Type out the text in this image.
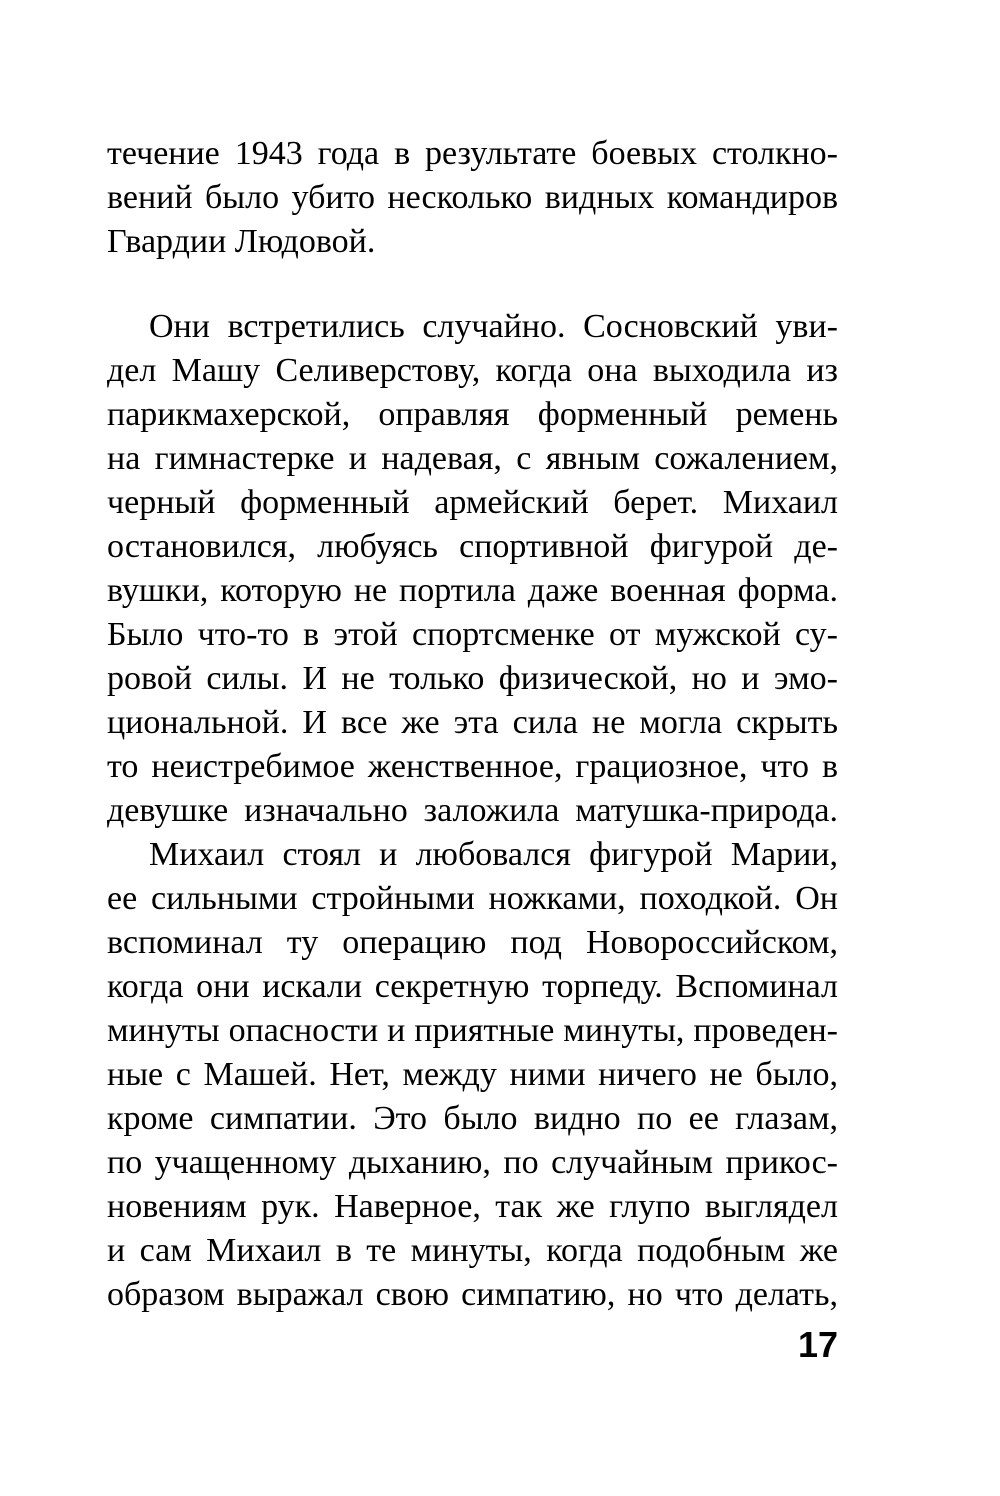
течение 1943 года в результате боевых столкно-

вений было убито несколько видных командиров

Гвардии Людовой.

Они встретились случайно. Сосновский уви-

дел Машу Селиверстову, когда она выходила из

парикмахерской, оправляя форменный ремень

на гимнастерке и надевая, с явным сожалением,

черный форменный армейский берет. Михаил

остановился, любуясь спортивной фигурой де-

вушки, которую не портила даже военная форма.

Было что-то в этой спортсменке от мужской су-

ровой силы. И не только физической, но и эмо-

циональной. И все же эта сила не могла скрыть

то неистребимое женственное, грациозное, что в

девушке изначально заложила матушка-природа.

Михаил стоял и любовался фигурой Марии,

ее сильными стройными ножками, походкой. Он

вспоминал ту операцию под Новороссийском,

когда они искали секретную торпеду. Вспоминал

минуты опасности и приятные минуты, проведен-

ные с Машей. Нет, между ними ничего не было,

кроме симпатии. Это было видно по ее глазам,

по учащенному дыханию, по случайным прикос-

новениям рук. Наверное, так же глупо выглядел

и сам Михаил в те минуты, когда подобным же

образом выражал свою симпатию, но что делать,

17
